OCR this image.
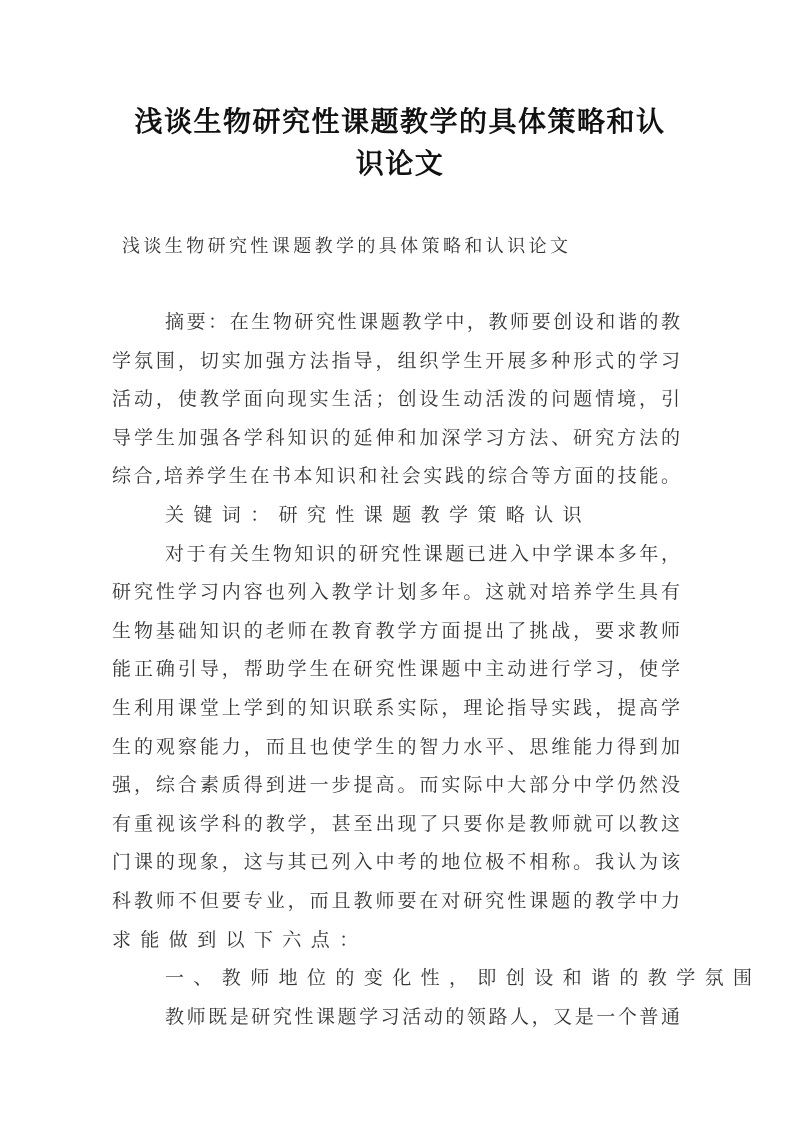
浅谈生物研究性课题教学的具体策略和认
识论文
浅谈生物研究性课题教学的具体策略和认识论文
摘要：在生物研究性课题教学中，教师要创设和谐的教
学氛围，切实加强方法指导，组织学生开展多种形式的学习
活动，使教学面向现实生活；创设生动活泼的问题情境，引
导学生加强各学科知识的延伸和加深学习方法、研究方法的
综合,培养学生在书本知识和社会实践的综合等方面的技能。
关键词：研究性课题教学策略认识
对于有关生物知识的研究性课题已进入中学课本多年，
研究性学习内容也列入教学计划多年。这就对培养学生具有
生物基础知识的老师在教育教学方面提出了挑战，要求教师
能正确引导，帮助学生在研究性课题中主动进行学习，使学
生利用课堂上学到的知识联系实际，理论指导实践，提高学
生的观察能力，而且也使学生的智力水平、思维能力得到加
强，综合素质得到进一步提高。而实际中大部分中学仍然没
有重视该学科的教学，甚至出现了只要你是教师就可以教这
门课的现象，这与其已列入中考的地位极不相称。我认为该
科教师不但要专业，而且教师要在对研究性课题的教学中力
求能做到以下六点：
一、教师地位的变化性，即创设和谐的教学氛围
教师既是研究性课题学习活动的领路人，又是一个普通
